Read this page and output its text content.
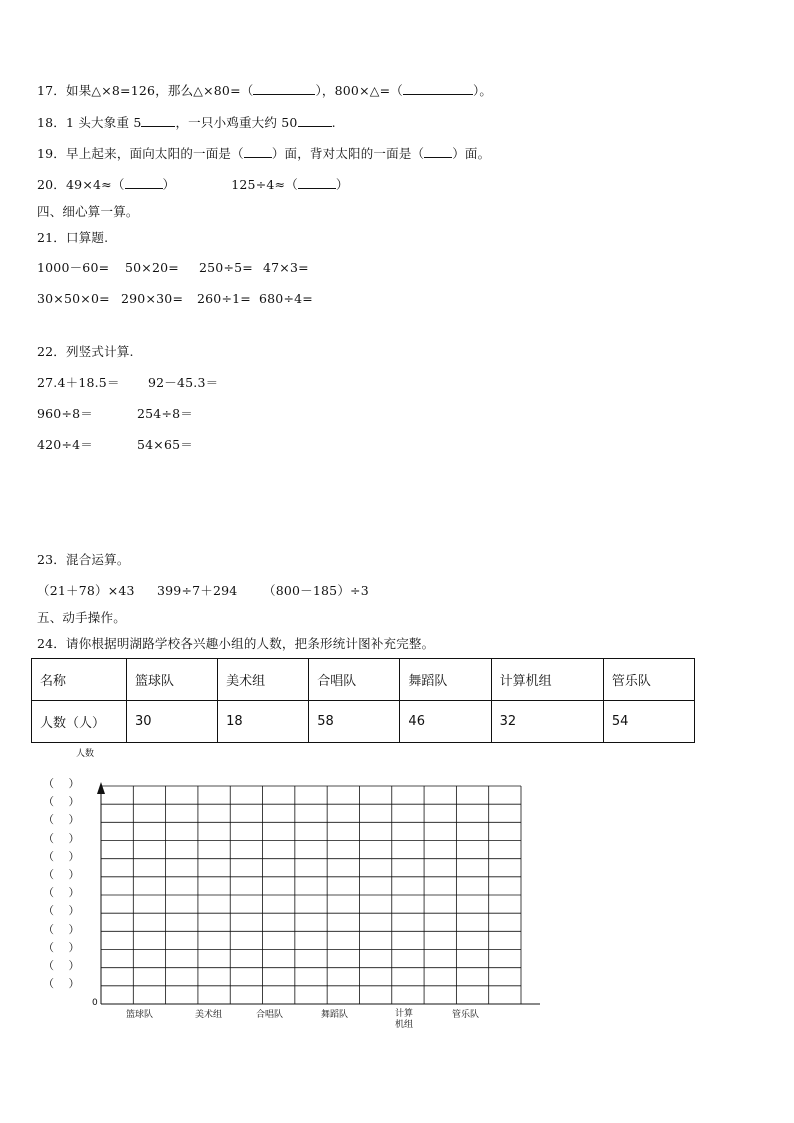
17．如果△×8=126，那么△×80=（	），800×△=（	）。
18．1 头大象重 5	，一只小鸡重大约 50	.
19．早上起来，面向太阳的一面是（ ）面，背对太阳的一面是（ ）面。
20．49×4≈（	）	125÷4≈（	）
四、细心算一算。
21．口算题.
1000－60= 50×20= 250÷5= 47×3=
30×50×0= 290×30= 260÷1= 680÷4=
22．列竖式计算.
27.4＋18.5＝ 92－45.3＝
960÷8＝	254÷8＝
420÷4＝	54×65＝
23．混合运算。
（21＋78）×43 399÷7＋294 （800－185）÷3
五、动手操作。
24．请你根据明湖路学校各兴趣小组的人数，把条形统计图补充完整。
名称	篮球队	美术组	合唱队	舞蹈队	计算机组	管乐队
人数（人）	30	18	58	46	32	54
人数
0
（　 ）
（　 ）
（　 ）
（　 ）
（　 ）
（　 ）
（　 ）
（　 ）
（　 ）
（　 ）
（　 ）
（　 ）
篮球队	美术组	合唱队	舞蹈队	计算
机组
管乐队
